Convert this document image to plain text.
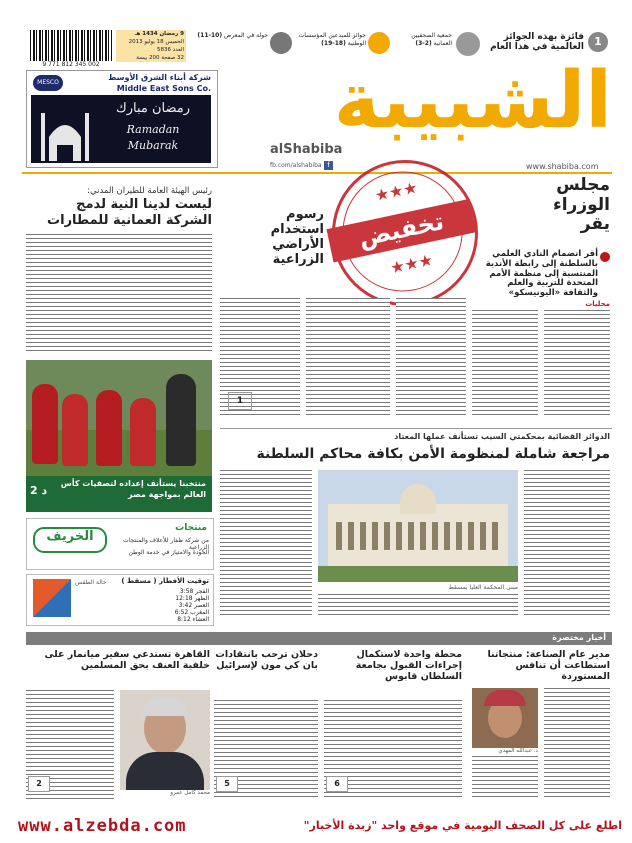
9 771 812 345 002
9 رمضان 1434 هـ
الخميس 18 يوليو 2013
العدد 5836
32 صفحة 200 بيسة
جولة في المعرض (10-11)	جوائز للمبدعين المؤسسات الوطنية (18-19)
جمعية الصحفيين العمانية (2-3)
فائزة بهذه الجوائز العالمية في هذا العام 1
MESCO
شركة أبناء الشرق الأوسط
Middle East Sons Co.
رمضان مبارك
Ramadan
Mubarak	الشبيبة
alShabiba
www.shabiba.com
fb.com/alshabiba f
مجلس الوزراء يقر
★★★
تخفيض
★★★
رسوم
استخدام
الأراضي الزراعية	أقر انضمام النادي العلمي بالسلطنة إلى رابطة الأندية المنتسبة إلى منظمة الأمم المتحدة للتربية والعلم والثقافة «اليونيسكو»
رئيس الهيئة العامة للطيران المدني:
ليست لدينا النية لدمج
الشركة العمانية للمطارات
محليات
1
منتخبنا يستأنف إعداده لتصفيات كأس العالم بمواجهة مصر
2 د
الدوائر القضائية بمحكمتي السيب تستأنف عملها المعتاد
مراجعة شاملة لمنظومة الأمن بكافة محاكم السلطنة
مبنى المحكمة العليا بمسقط
الخريف
منتجات
من شركة ظفار للأعلاف والمنتجات الزراعية
الجودة والامتياز في خدمة الوطن
حالة الطقس	توقيت الأفطار ( مسقط )
الفجر 3:58
الظهر 12:18
العصر 3:42
المغرب 6:52
العشاء 8:12
أخبار مختصرة
مدير عام الصناعة: منتجاتنا استطاعت أن تنافس المستوردة
د. عبدالله المهدي
محطة واحدة لاستكمال إجراءات القبول بجامعة السلطان قابوس
6
دحلان ترحب بانتقادات بان كي مون لإسرائيل
5
القاهرة تستدعي سفير ميانمار على خلفية العنف بحق المسلمين
محمد كامل عمرو
2
www.alzebda.com	اطلع على كل الصحف اليومية في موقع واحد "زبدة الأخبار"
